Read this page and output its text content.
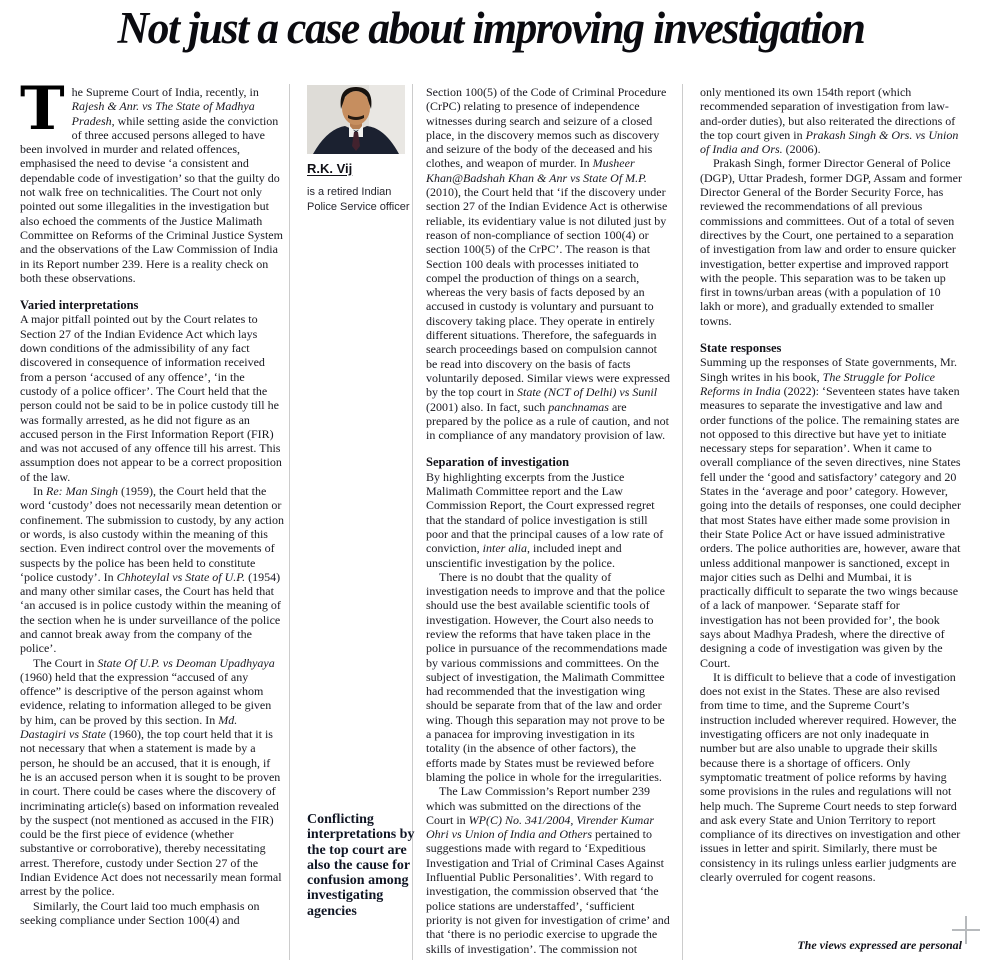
Not just a case about improving investigation

The Supreme Court of India, recently, in Rajesh & Anr. vs The State of Madhya Pradesh, while setting aside the conviction of three accused persons alleged to have been involved in murder and related offences, emphasised the need to devise ‘a consistent and dependable code of investigation’ so that the guilty do not walk free on technicalities. The Court not only pointed out some illegalities in the investigation but also echoed the comments of the Justice Malimath Committee on Reforms of the Criminal Justice System and the observations of the Law Commission of India in its Report number 239. Here is a reality check on both these observations.

Varied interpretations

A major pitfall pointed out by the Court relates to Section 27 of the Indian Evidence Act which lays down conditions of the admissibility of any fact discovered in consequence of information received from a person ‘accused of any offence’, ‘in the custody of a police officer’. The Court held that the person could not be said to be in police custody till he was formally arrested, as he did not figure as an accused person in the First Information Report (FIR) and was not accused of any offence till his arrest. This assumption does not appear to be a correct proposition of the law.

In Re: Man Singh (1959), the Court held that the word ‘custody’ does not necessarily mean detention or confinement. The submission to custody, by any action or words, is also custody within the meaning of this section. Even indirect control over the movements of suspects by the police has been held to constitute ‘police custody’. In Chhoteylal vs State of U.P. (1954) and many other similar cases, the Court has held that ‘an accused is in police custody within the meaning of the section when he is under surveillance of the police and cannot break away from the company of the police’.

The Court in State Of U.P. vs Deoman Upadhyaya (1960) held that the expression “accused of any offence” is descriptive of the person against whom evidence, relating to information alleged to be given by him, can be proved by this section. In Md. Dastagiri vs State (1960), the top court held that it is not necessary that when a statement is made by a person, he should be an accused, that it is enough, if he is an accused person when it is sought to be proven in court. There could be cases where the discovery of incriminating article(s) based on information revealed by the suspect (not mentioned as accused in the FIR) could be the first piece of evidence (whether substantive or corroborative), thereby necessitating arrest. Therefore, custody under Section 27 of the Indian Evidence Act does not necessarily mean formal arrest by the police.

Similarly, the Court laid too much emphasis on seeking compliance under Section 100(4) and

R.K. Vij

is a retired Indian Police Service officer

Conflicting interpretations by the top court are also the cause for confusion among investigating agencies

Section 100(5) of the Code of Criminal Procedure (CrPC) relating to presence of independence witnesses during search and seizure of a closed place, in the discovery memos such as discovery and seizure of the body of the deceased and his clothes, and weapon of murder. In Musheer Khan@Badshah Khan & Anr vs State Of M.P. (2010), the Court held that ‘if the discovery under section 27 of the Indian Evidence Act is otherwise reliable, its evidentiary value is not diluted just by reason of non-compliance of section 100(4) or section 100(5) of the CrPC’. The reason is that Section 100 deals with processes initiated to compel the production of things on a search, whereas the very basis of facts deposed by an accused in custody is voluntary and pursuant to discovery taking place. They operate in entirely different situations. Therefore, the safeguards in search proceedings based on compulsion cannot be read into discovery on the basis of facts voluntarily deposed. Similar views were expressed by the top court in State (NCT of Delhi) vs Sunil (2001) also. In fact, such panchnamas are prepared by the police as a rule of caution, and not in compliance of any mandatory provision of law.

Separation of investigation

By highlighting excerpts from the Justice Malimath Committee report and the Law Commission Report, the Court expressed regret that the standard of police investigation is still poor and that the principal causes of a low rate of conviction, inter alia, included inept and unscientific investigation by the police.

There is no doubt that the quality of investigation needs to improve and that the police should use the best available scientific tools of investigation. However, the Court also needs to review the reforms that have taken place in the police in pursuance of the recommendations made by various commissions and committees. On the subject of investigation, the Malimath Committee had recommended that the investigation wing should be separate from that of the law and order wing. Though this separation may not prove to be a panacea for improving investigation in its totality (in the absence of other factors), the efforts made by States must be reviewed before blaming the police in whole for the irregularities.

The Law Commission’s Report number 239 which was submitted on the directions of the Court in WP(C) No. 341/2004, Virender Kumar Ohri vs Union of India and Others pertained to suggestions made with regard to ‘Expeditious Investigation and Trial of Criminal Cases Against Influential Public Personalities’. With regard to investigation, the commission observed that ‘the police stations are understaffed’, ‘sufficient priority is not given for investigation of crime’ and that ‘there is no periodic exercise to upgrade the skills of investigation’. The commission not

only mentioned its own 154th report (which recommended separation of investigation from law-and-order duties), but also reiterated the directions of the top court given in Prakash Singh & Ors. vs Union of India and Ors. (2006).

Prakash Singh, former Director General of Police (DGP), Uttar Pradesh, former DGP, Assam and former Director General of the Border Security Force, has reviewed the recommendations of all previous commissions and committees. Out of a total of seven directives by the Court, one pertained to a separation of investigation from law and order to ensure quicker investigation, better expertise and improved rapport with the people. This separation was to be taken up first in towns/urban areas (with a population of 10 lakh or more), and gradually extended to smaller towns.

State responses

Summing up the responses of State governments, Mr. Singh writes in his book, The Struggle for Police Reforms in India (2022): ‘Seventeen states have taken measures to separate the investigative and law and order functions of the police. The remaining states are not opposed to this directive but have yet to initiate necessary steps for separation’. When it came to overall compliance of the seven directives, nine States fell under the ‘good and satisfactory’ category and 20 States in the ‘average and poor’ category. However, going into the details of responses, one could decipher that most States have either made some provision in their State Police Act or have issued administrative orders. The police authorities are, however, aware that unless additional manpower is sanctioned, except in major cities such as Delhi and Mumbai, it is practically difficult to separate the two wings because of a lack of manpower. ‘Separate staff for investigation has not been provided for’, the book says about Madhya Pradesh, where the directive of designing a code of investigation was given by the Court.

It is difficult to believe that a code of investigation does not exist in the States. These are also revised from time to time, and the Supreme Court’s instruction included wherever required. However, the investigating officers are not only inadequate in number but are also unable to upgrade their skills because there is a shortage of officers. Only symptomatic treatment of police reforms by having some provisions in the rules and regulations will not help much. The Supreme Court needs to step forward and ask every State and Union Territory to report compliance of its directives on investigation and other issues in letter and spirit. Similarly, there must be consistency in its rulings unless earlier judgments are clearly overruled for cogent reasons.

The views expressed are personal
